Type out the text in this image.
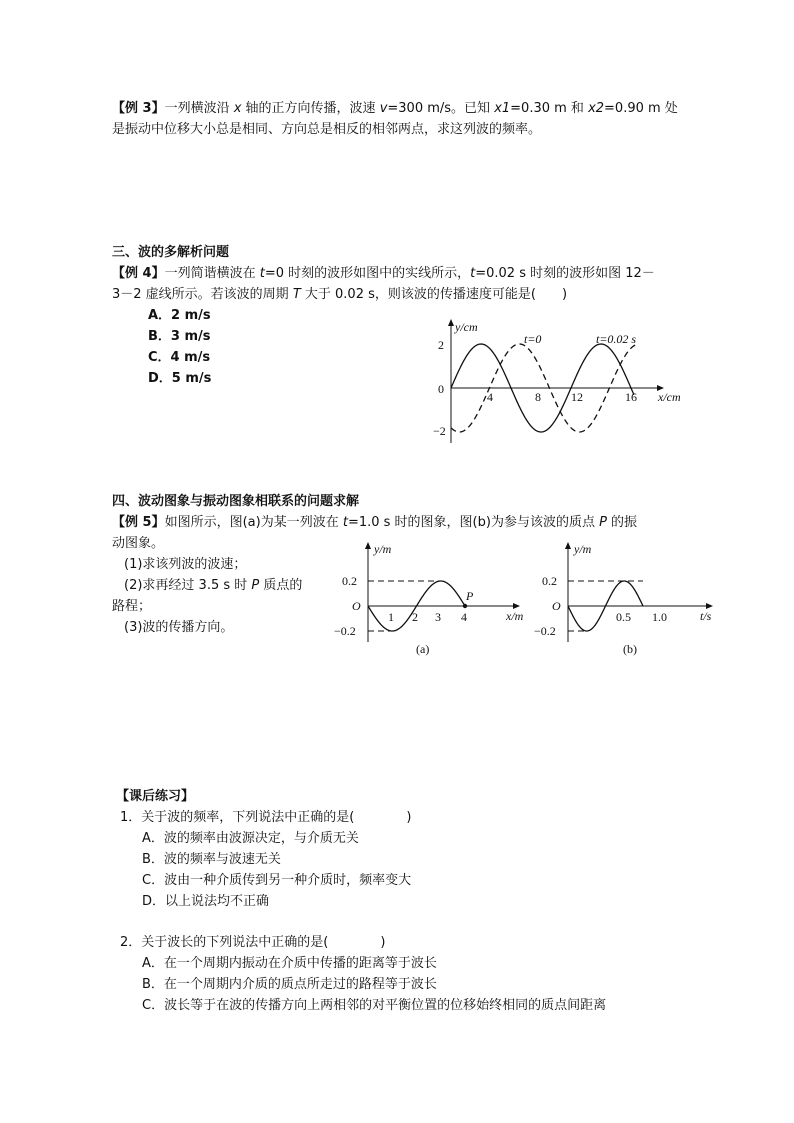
【例 3】一列横波沿 x 轴的正方向传播，波速 v=300 m/s。已知 x1=0.30 m 和 x2=0.90 m 处
是振动中位移大小总是相同、方向总是相反的相邻两点，求这列波的频率。
三、波的多解析问题
【例 4】一列简谐横波在 t=0 时刻的波形如图中的实线所示，t=0.02 s 时刻的波形如图 12－
3－2 虚线所示。若该波的周期 T 大于 0.02 s，则该波的传播速度可能是(　　)
A．2 m/s
B．3 m/s
C．4 m/s
D．5 m/s
y/cm
x/cm
2
0
−2
4	8	12	16
t=0	t=0.02 s
四、波动图象与振动图象相联系的问题求解
【例 5】如图所示，图(a)为某一列波在 t=1.0 s 时的图象，图(b)为参与该波的质点 P 的振
动图象。
(1)求该列波的波速；
(2)求再经过 3.5 s 时 P 质点的
路程；
(3)波的传播方向。
y/m
x/m
O
0.2
−0.2
1 2 3 4
P
(a)
y/m
t/s
O
0.2
−0.2
0.5 1.0
(b)
【课后练习】
1．关于波的频率，下列说法中正确的是(　　　　)
A．波的频率由波源决定，与介质无关
B．波的频率与波速无关
C．波由一种介质传到另一种介质时，频率变大
D．以上说法均不正确
2．关于波长的下列说法中正确的是(　　　　)
A．在一个周期内振动在介质中传播的距离等于波长
B．在一个周期内介质的质点所走过的路程等于波长
C．波长等于在波的传播方向上两相邻的对平衡位置的位移始终相同的质点间距离
